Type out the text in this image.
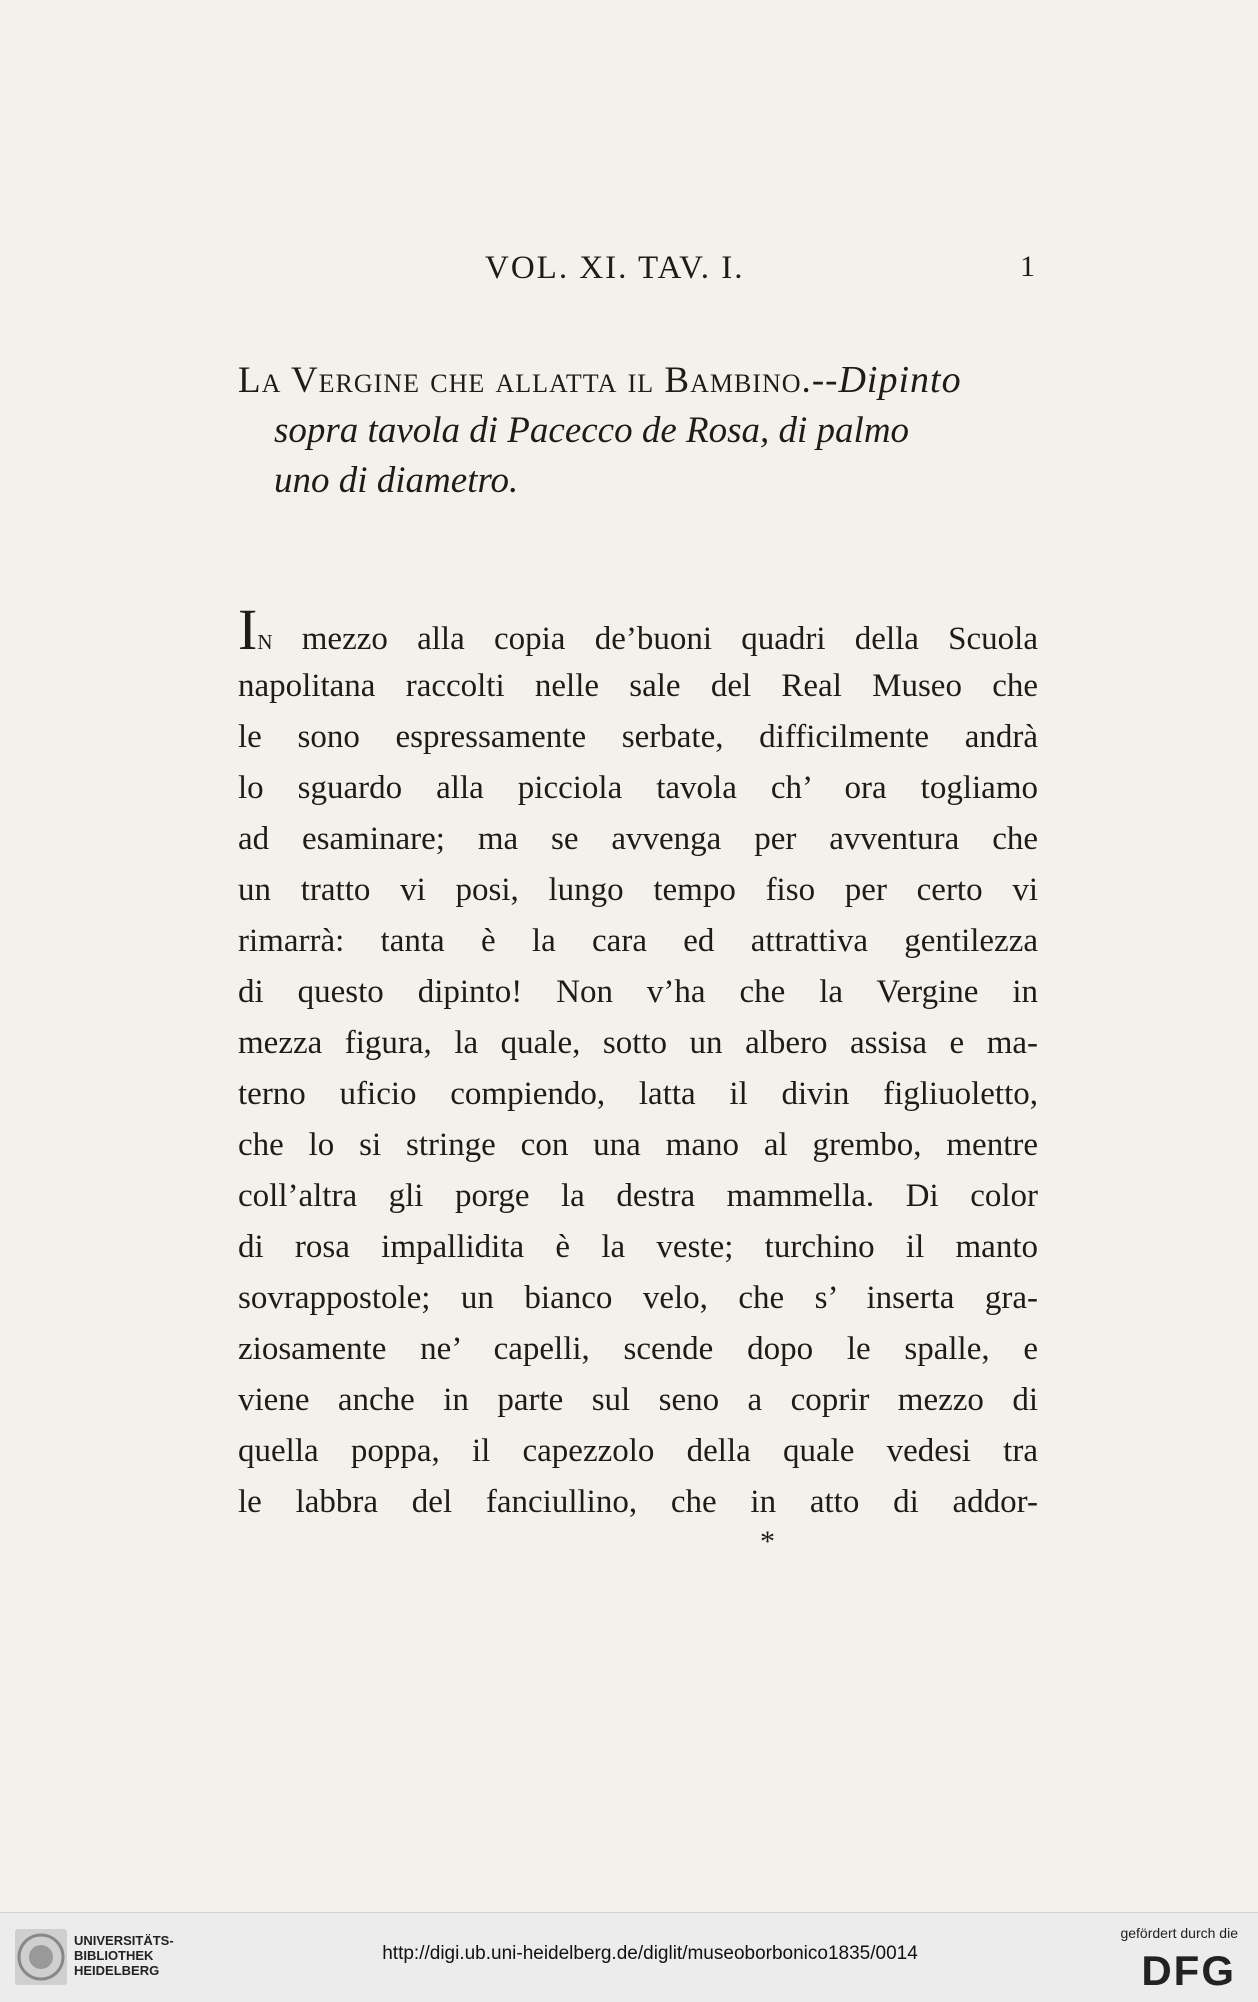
VOL. XI. TAV. I.	1
La Vergine che allatta il Bambino.--Dipinto
sopra tavola di Pacecco de Rosa, di palmo
uno di diametro.
In mezzo alla copia de’buoni quadri della Scuola
napolitana raccolti nelle sale del Real Museo che
le sono espressamente serbate, difficilmente andrà
lo sguardo alla picciola tavola ch’ ora togliamo
ad esaminare; ma se avvenga per avventura che
un tratto vi posi, lungo tempo fiso per certo vi
rimarrà: tanta è la cara ed attrattiva gentilezza
di questo dipinto! Non v’ha che la Vergine in
mezza figura, la quale, sotto un albero assisa e ma-
terno uficio compiendo, latta il divin figliuoletto,
che lo si stringe con una mano al grembo, mentre
coll’altra gli porge la destra mammella. Di color
di rosa impallidita è la veste; turchino il manto
sovrappostole; un bianco velo, che s’ inserta gra-
ziosamente ne’ capelli, scende dopo le spalle, e
viene anche in parte sul seno a coprir mezzo di
quella poppa, il capezzolo della quale vedesi tra
le labbra del fanciullino, che in atto di addor-
*
UNIVERSITÄTS-
BIBLIOTHEK
HEIDELBERG
http://digi.ub.uni-heidelberg.de/diglit/museoborbonico1835/0014
gefördert durch die
DFG
